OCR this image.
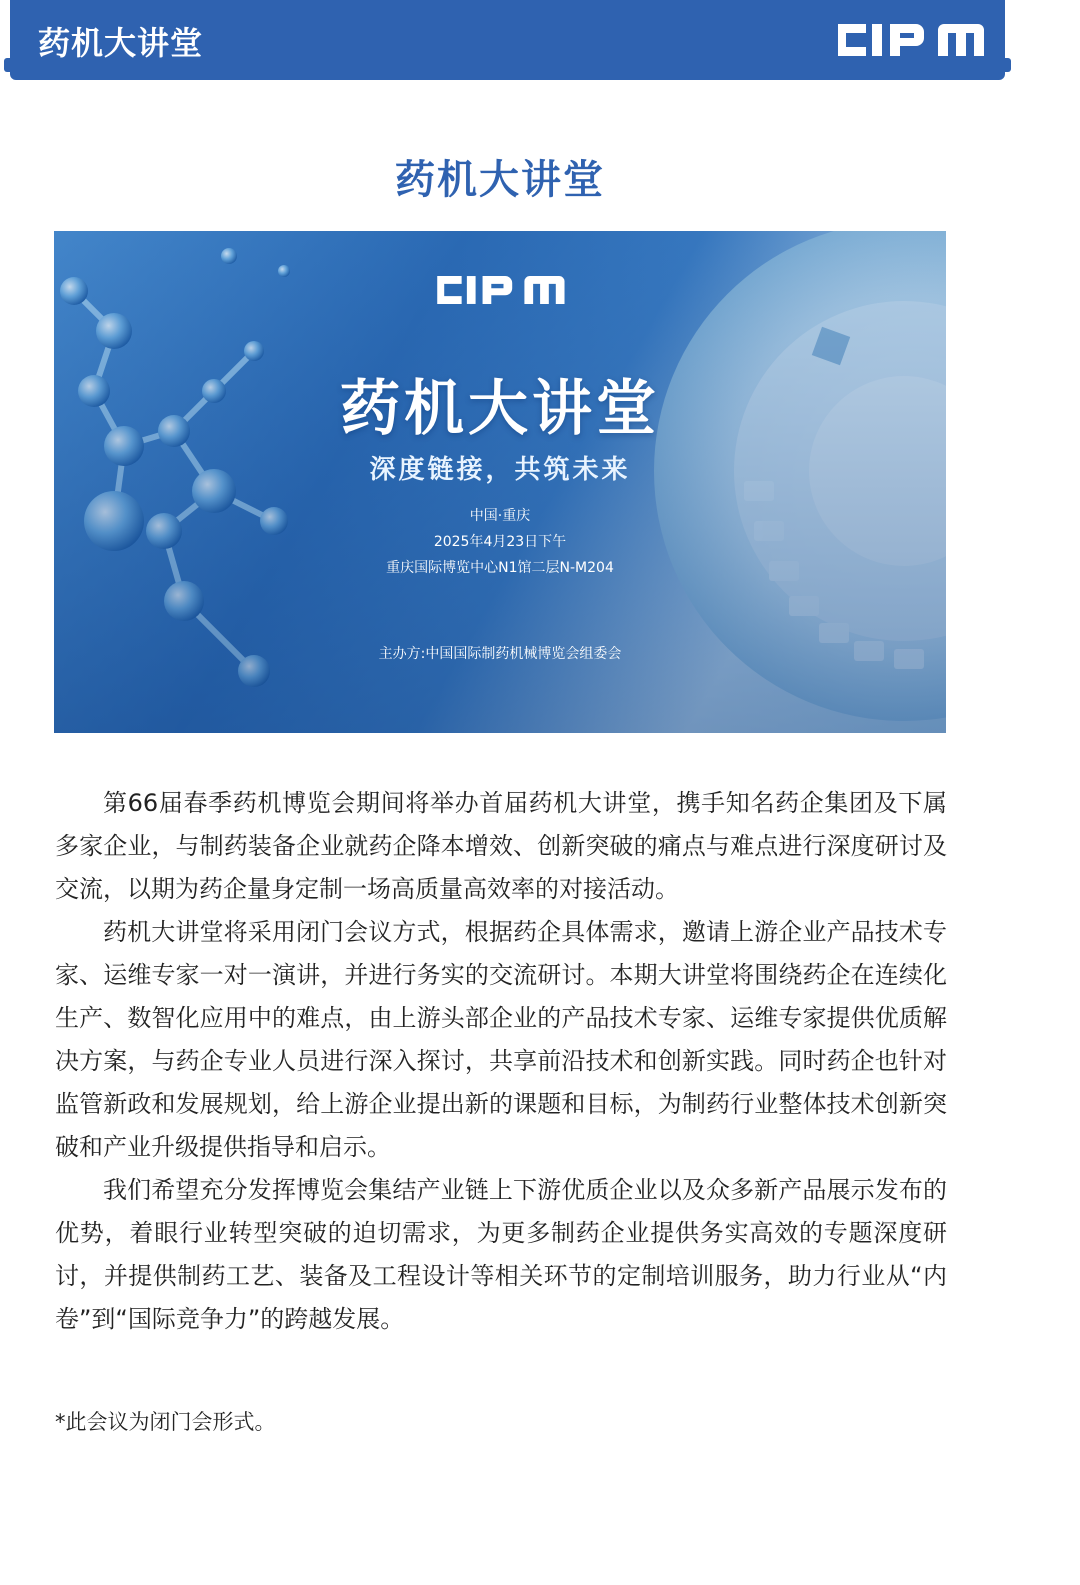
药机大讲堂
药机大讲堂
药机大讲堂
深度链接，共筑未来
中国·重庆
2025年4月23日下午
重庆国际博览中心N1馆二层N-M204
主办方:中国国际制药机械博览会组委会

第66届春季药机博览会期间将举办首届药机大讲堂，携手知名药企集团及下属多家企业，与制药装备企业就药企降本增效、创新突破的痛点与难点进行深度研讨及交流，以期为药企量身定制一场高质量高效率的对接活动。

药机大讲堂将采用闭门会议方式，根据药企具体需求，邀请上游企业产品技术专家、运维专家一对一演讲，并进行务实的交流研讨。本期大讲堂将围绕药企在连续化生产、数智化应用中的难点，由上游头部企业的产品技术专家、运维专家提供优质解决方案，与药企专业人员进行深入探讨，共享前沿技术和创新实践。同时药企也针对监管新政和发展规划，给上游企业提出新的课题和目标，为制药行业整体技术创新突破和产业升级提供指导和启示。

我们希望充分发挥博览会集结产业链上下游优质企业以及众多新产品展示发布的优势，着眼行业转型突破的迫切需求，为更多制药企业提供务实高效的专题深度研讨，并提供制药工艺、装备及工程设计等相关环节的定制培训服务，助力行业从“内卷”到“国际竞争力”的跨越发展。

*此会议为闭门会形式。
